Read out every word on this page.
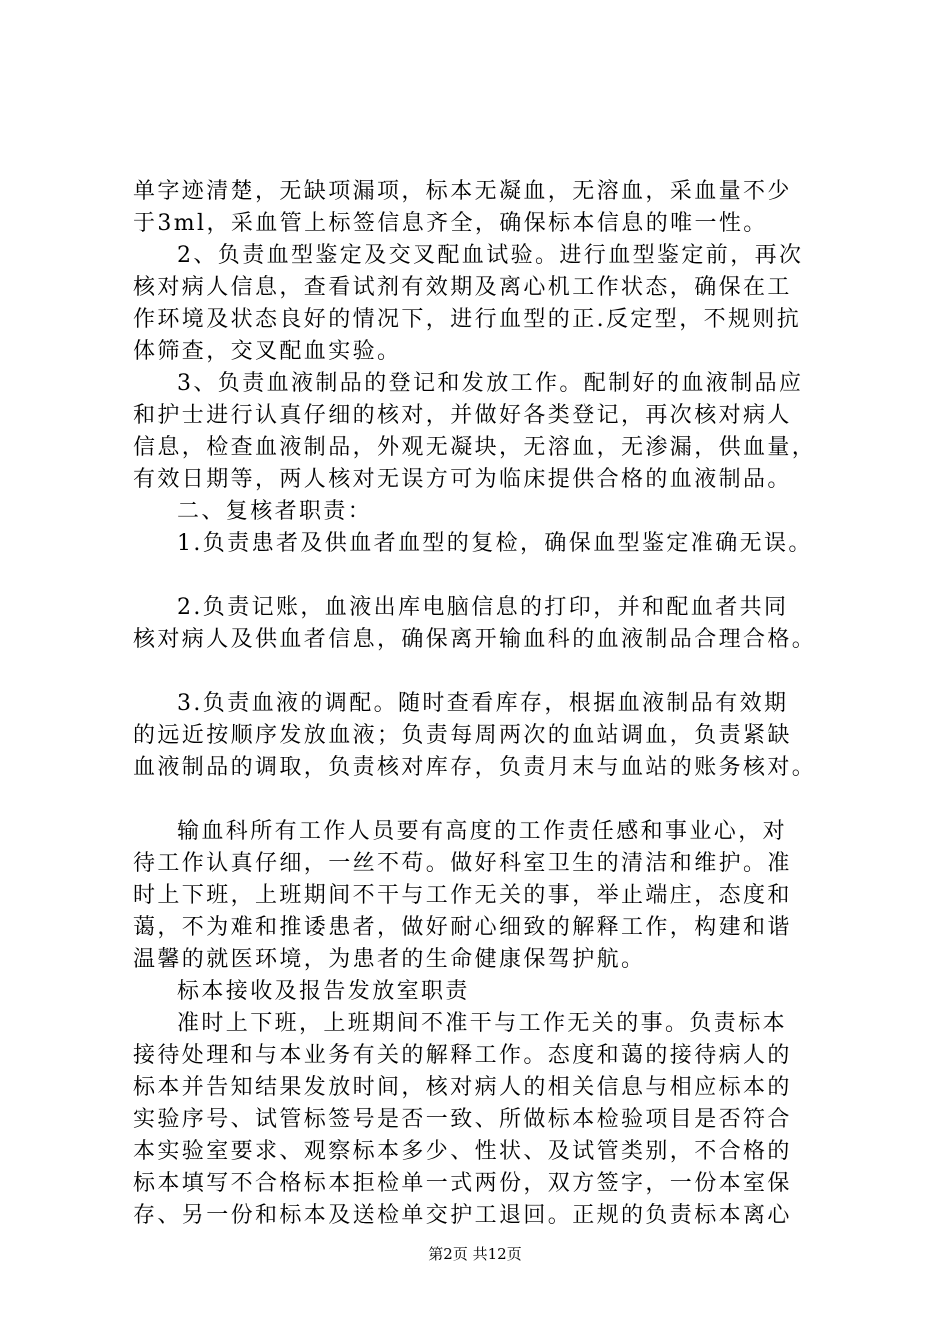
单字迹清楚，无缺项漏项，标本无凝血，无溶血，采血量不少
于3ml，采血管上标签信息齐全，确保标本信息的唯一性。
2、负责血型鉴定及交叉配血试验。进行血型鉴定前，再次
核对病人信息，查看试剂有效期及离心机工作状态，确保在工
作环境及状态良好的情况下，进行血型的正.反定型，不规则抗
体筛查，交叉配血实验。
3、负责血液制品的登记和发放工作。配制好的血液制品应
和护士进行认真仔细的核对，并做好各类登记，再次核对病人
信息，检查血液制品，外观无凝块，无溶血，无渗漏，供血量，
有效日期等，两人核对无误方可为临床提供合格的血液制品。
二、复核者职责：
1.负责患者及供血者血型的复检，确保血型鉴定准确无误。
2.负责记账，血液出库电脑信息的打印，并和配血者共同
核对病人及供血者信息，确保离开输血科的血液制品合理合格。
3.负责血液的调配。随时查看库存，根据血液制品有效期
的远近按顺序发放血液；负责每周两次的血站调血，负责紧缺
血液制品的调取，负责核对库存，负责月末与血站的账务核对。
输血科所有工作人员要有高度的工作责任感和事业心，对
待工作认真仔细，一丝不苟。做好科室卫生的清洁和维护。准
时上下班，上班期间不干与工作无关的事，举止端庄，态度和
蔼，不为难和推诿患者，做好耐心细致的解释工作，构建和谐
温馨的就医环境，为患者的生命健康保驾护航。
标本接收及报告发放室职责
准时上下班，上班期间不准干与工作无关的事。负责标本
接待处理和与本业务有关的解释工作。态度和蔼的接待病人的
标本并告知结果发放时间，核对病人的相关信息与相应标本的
实验序号、试管标签号是否一致、所做标本检验项目是否符合
本实验室要求、观察标本多少、性状、及试管类别，不合格的
标本填写不合格标本拒检单一式两份，双方签字，一份本室保
存、另一份和标本及送检单交护工退回。正规的负责标本离心
第2页 共12页
